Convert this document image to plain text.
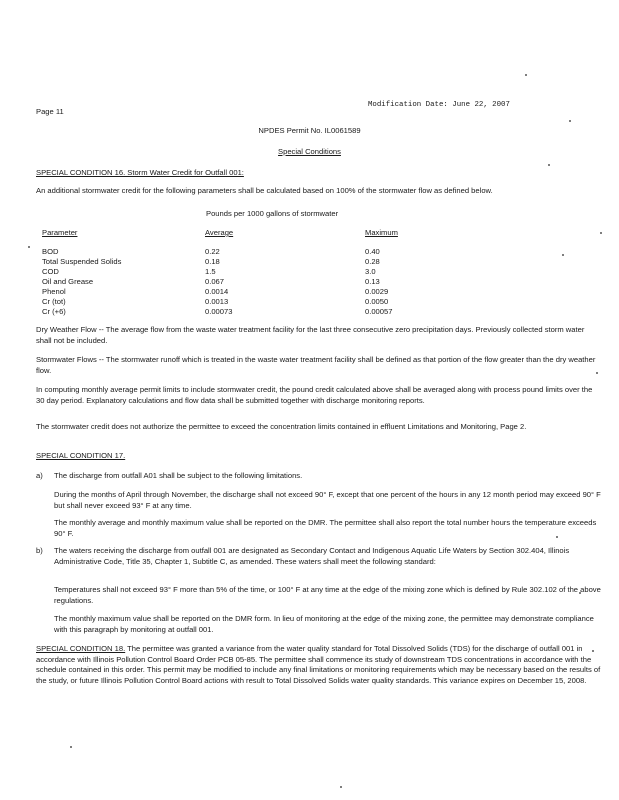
Page 11
Modification Date: June 22, 2007
NPDES Permit No. IL0061589
Special Conditions
SPECIAL CONDITION 16. Storm Water Credit for Outfall 001:
An additional stormwater credit for the following parameters shall be calculated based on 100% of the stormwater flow as defined below.
Pounds per 1000 gallons of stormwater
Parameter	Average	Maximum
BOD	0.22	0.40
Total Suspended Solids	0.18	0.28
COD	1.5	3.0
Oil and Grease	0.067	0.13
Phenol	0.0014	0.0029
Cr (tot)	0.0013	0.0050
Cr (+6)	0.00073	0.00057
Dry Weather Flow -- The average flow from the waste water treatment facility for the last three consecutive zero precipitation days. Previously collected storm water shall not be included.
Stormwater Flows -- The stormwater runoff which is treated in the waste water treatment facility shall be defined as that portion of the flow greater than the dry weather flow.
In computing monthly average permit limits to include stormwater credit, the pound credit calculated above shall be averaged along with process pound limits over the 30 day period. Explanatory calculations and flow data shall be submitted together with discharge monitoring reports.
The stormwater credit does not authorize the permittee to exceed the concentration limits contained in effluent Limitations and Monitoring, Page 2.
SPECIAL CONDITION 17.
a) The discharge from outfall A01 shall be subject to the following limitations.
During the months of April through November, the discharge shall not exceed 90° F, except that one percent of the hours in any 12 month period may exceed 90° F but shall never exceed 93° F at any time.
The monthly average and monthly maximum value shall be reported on the DMR. The permittee shall also report the total number hours the temperature exceeds 90° F.
b) The waters receiving the discharge from outfall 001 are designated as Secondary Contact and Indigenous Aquatic Life Waters by Section 302.404, Illinois Administrative Code, Title 35, Chapter 1, Subtitle C, as amended. These waters shall meet the following standard:
Temperatures shall not exceed 93° F more than 5% of the time, or 100° F at any time at the edge of the mixing zone which is defined by Rule 302.102 of the above regulations.
The monthly maximum value shall be reported on the DMR form. In lieu of monitoring at the edge of the mixing zone, the permittee may demonstrate compliance with this paragraph by monitoring at outfall 001.
SPECIAL CONDITION 18. The permittee was granted a variance from the water quality standard for Total Dissolved Solids (TDS) for the discharge of outfall 001 in accordance with Illinois Pollution Control Board Order PCB 05-85. The permittee shall commence its study of downstream TDS concentrations in accordance with the schedule contained in this order. This permit may be modified to include any final limitations or monitoring requirements which may be necessary based on the results of the study, or future Illinois Pollution Control Board actions with result to Total Dissolved Solids water quality standards. This variance expires on December 15, 2008.
